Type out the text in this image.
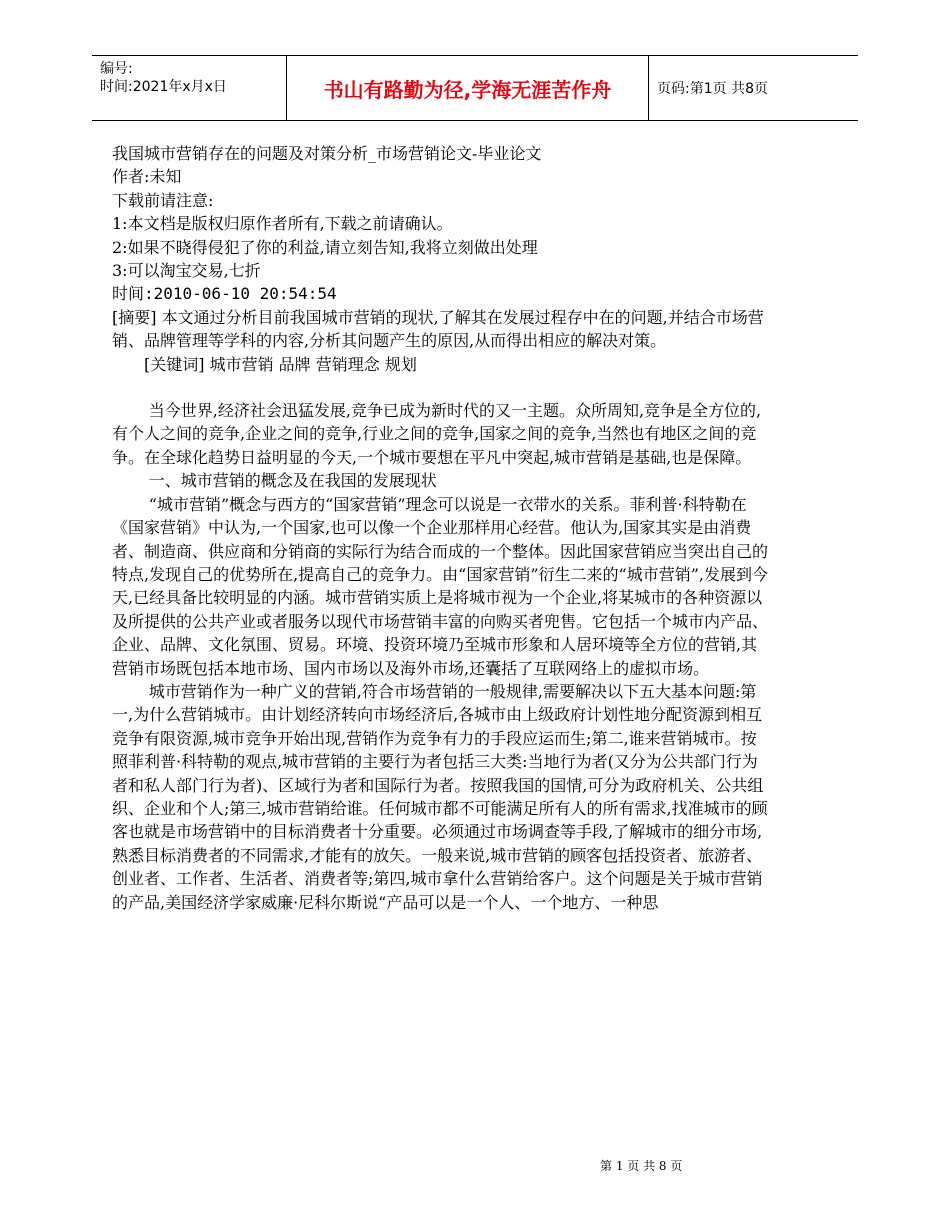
编号:
时间:2021年x月x日	书山有路勤为径,学海无涯苦作舟	页码:第1页 共8页

我国城市营销存在的问题及对策分析_市场营销论文-毕业论文

作者:未知

下载前请注意:

1:本文档是版权归原作者所有,下载之前请确认。

2:如果不晓得侵犯了你的利益,请立刻告知,我将立刻做出处理

3:可以淘宝交易,七折

时间:2010-06-10 20:54:54

[摘要] 本文通过分析目前我国城市营销的现状,了解其在发展过程存中在的问题,并结合市场营销、品牌管理等学科的内容,分析其问题产生的原因,从而得出相应的解决对策。

[关键词] 城市营销 品牌 营销理念 规划

当今世界,经济社会迅猛发展,竞争已成为新时代的又一主题。众所周知,竞争是全方位的,有个人之间的竞争,企业之间的竞争,行业之间的竞争,国家之间的竞争,当然也有地区之间的竞争。在全球化趋势日益明显的今天,一个城市要想在平凡中突起,城市营销是基础,也是保障。

一、城市营销的概念及在我国的发展现状

“城市营销”概念与西方的“国家营销”理念可以说是一衣带水的关系。菲利普·科特勒在《国家营销》中认为,一个国家,也可以像一个企业那样用心经营。他认为,国家其实是由消费者、制造商、供应商和分销商的实际行为结合而成的一个整体。因此国家营销应当突出自己的特点,发现自己的优势所在,提高自己的竞争力。由“国家营销”衍生二来的“城市营销”,发展到今天,已经具备比较明显的内涵。城市营销实质上是将城市视为一个企业,将某城市的各种资源以及所提供的公共产业或者服务以现代市场营销丰富的向购买者兜售。它包括一个城市内产品、企业、品牌、文化氛围、贸易。环境、投资环境乃至城市形象和人居环境等全方位的营销,其营销市场既包括本地市场、国内市场以及海外市场,还囊括了互联网络上的虚拟市场。

城市营销作为一种广义的营销,符合市场营销的一般规律,需要解决以下五大基本问题:第一,为什么营销城市。由计划经济转向市场经济后,各城市由上级政府计划性地分配资源到相互竞争有限资源,城市竞争开始出现,营销作为竞争有力的手段应运而生;第二,谁来营销城市。按照菲利普·科特勒的观点,城市营销的主要行为者包括三大类:当地行为者(又分为公共部门行为者和私人部门行为者)、区域行为者和国际行为者。按照我国的国情,可分为政府机关、公共组织、企业和个人;第三,城市营销给谁。任何城市都不可能满足所有人的所有需求,找准城市的顾客也就是市场营销中的目标消费者十分重要。必须通过市场调查等手段,了解城市的细分市场,熟悉目标消费者的不同需求,才能有的放矢。一般来说,城市营销的顾客包括投资者、旅游者、创业者、工作者、生活者、消费者等;第四,城市拿什么营销给客户。这个问题是关于城市营销的产品,美国经济学家威廉·尼科尔斯说“产品可以是一个人、一个地方、一种思

第 1 页 共 8 页
